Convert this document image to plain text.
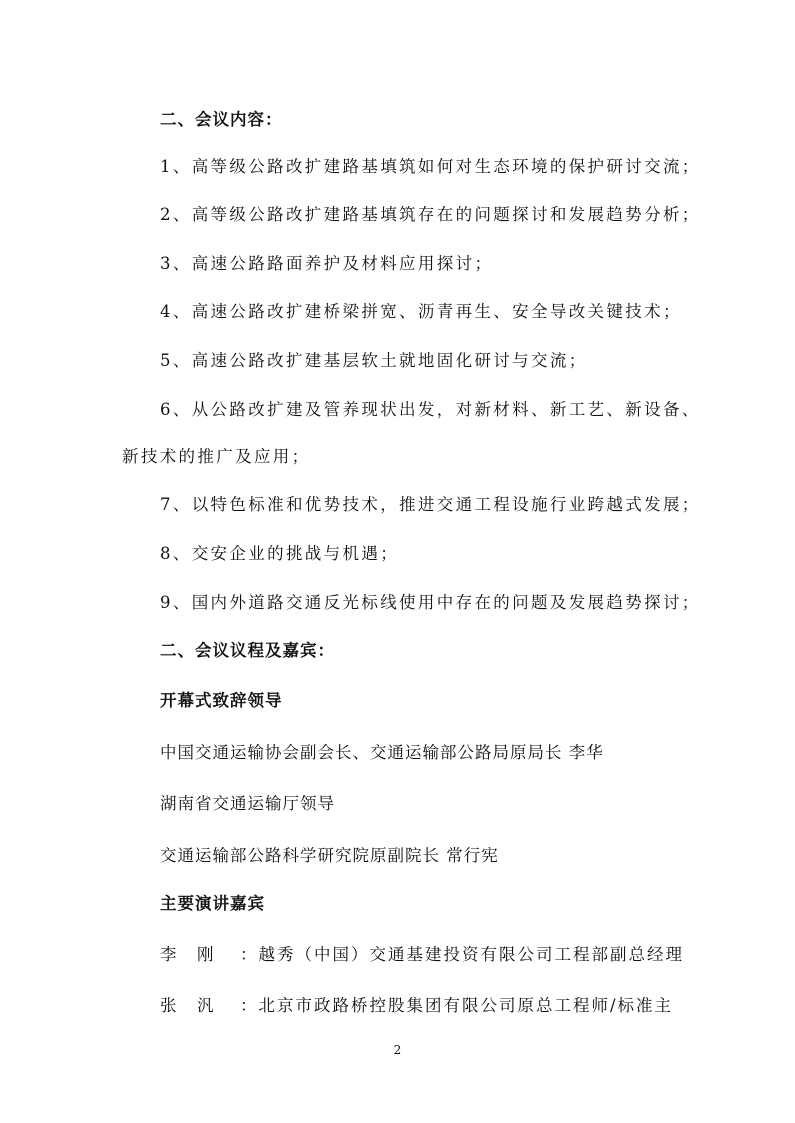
二、会议内容：
1、高等级公路改扩建路基填筑如何对生态环境的保护研讨交流；
2、高等级公路改扩建路基填筑存在的问题探讨和发展趋势分析；
3、高速公路路面养护及材料应用探讨；
4、高速公路改扩建桥梁拼宽、沥青再生、安全导改关键技术；
5、高速公路改扩建基层软土就地固化研讨与交流；
6、从公路改扩建及管养现状出发，对新材料、新工艺、新设备、
新技术的推广及应用；
7、以特色标准和优势技术，推进交通工程设施行业跨越式发展；
8、交安企业的挑战与机遇；
9、国内外道路交通反光标线使用中存在的问题及发展趋势探讨；
二、会议议程及嘉宾：
开幕式致辞领导
中国交通运输协会副会长、交通运输部公路局原局长 李华
湖南省交通运输厅领导
交通运输部公路科学研究院原副院长 常行宪
主要演讲嘉宾
李　刚 ：越秀（中国）交通基建投资有限公司工程部副总经理
张　汎 ：北京市政路桥控股集团有限公司原总工程师/标准主
2
